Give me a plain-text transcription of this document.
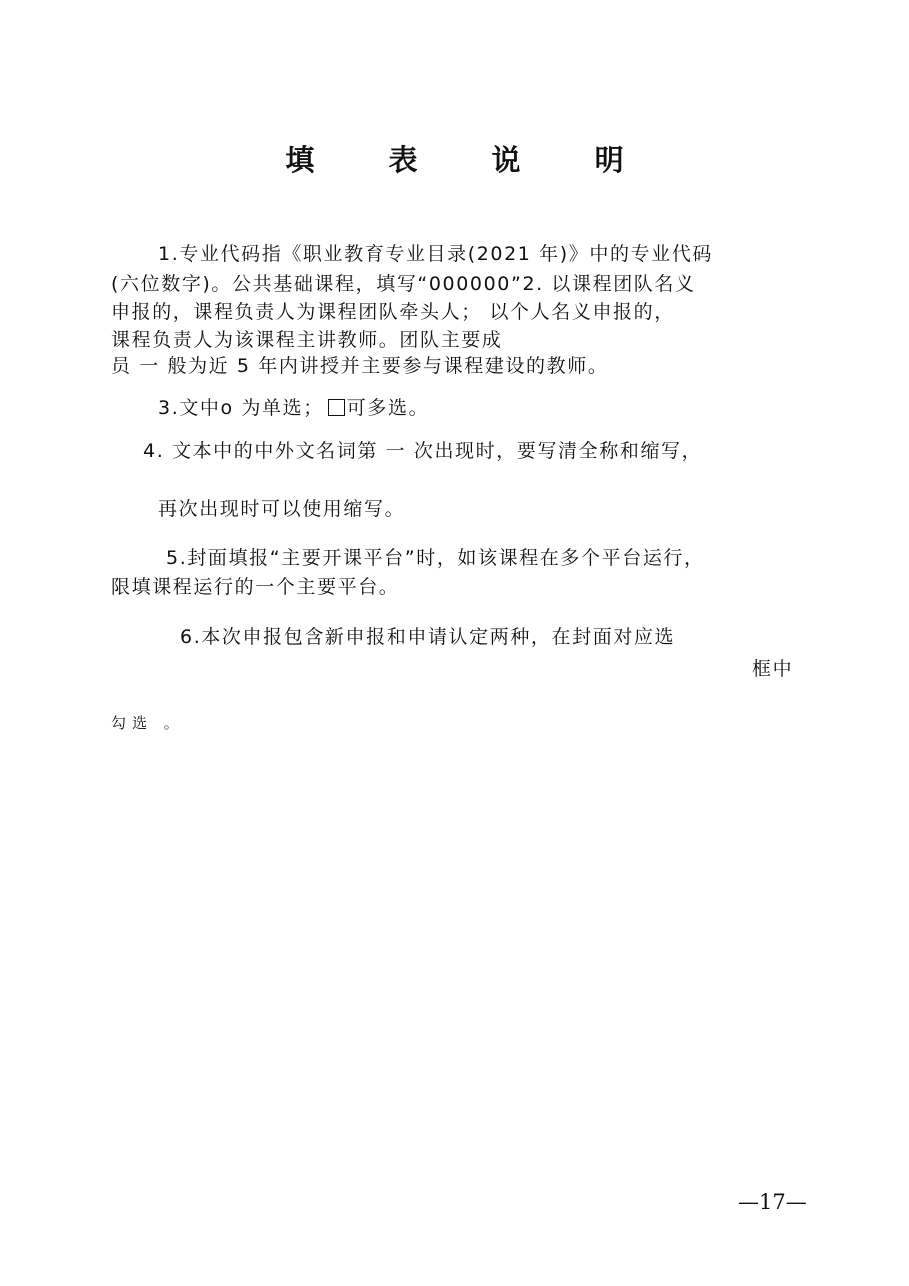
填 表 说 明
1.专业代码指《职业教育专业目录(2021 年)》中的专业代码
(六位数字)。公共基础课程，填写“000000”2. 以课程团队名义
申报的，课程负责人为课程团队牵头人； 以个人名义申报的，
课程负责人为该课程主讲教师。团队主要成
员 一 般为近 5 年内讲授并主要参与课程建设的教师。
3.文中o 为单选； 可多选。
4. 文本中的中外文名词第 一 次出现时，要写清全称和缩写，
再次出现时可以使用缩写。
5.封面填报“主要开课平台”时，如该课程在多个平台运行，
限填课程运行的一个主要平台。
6.本次申报包含新申报和申请认定两种，在封面对应选
框中
勾选 。
—17—
